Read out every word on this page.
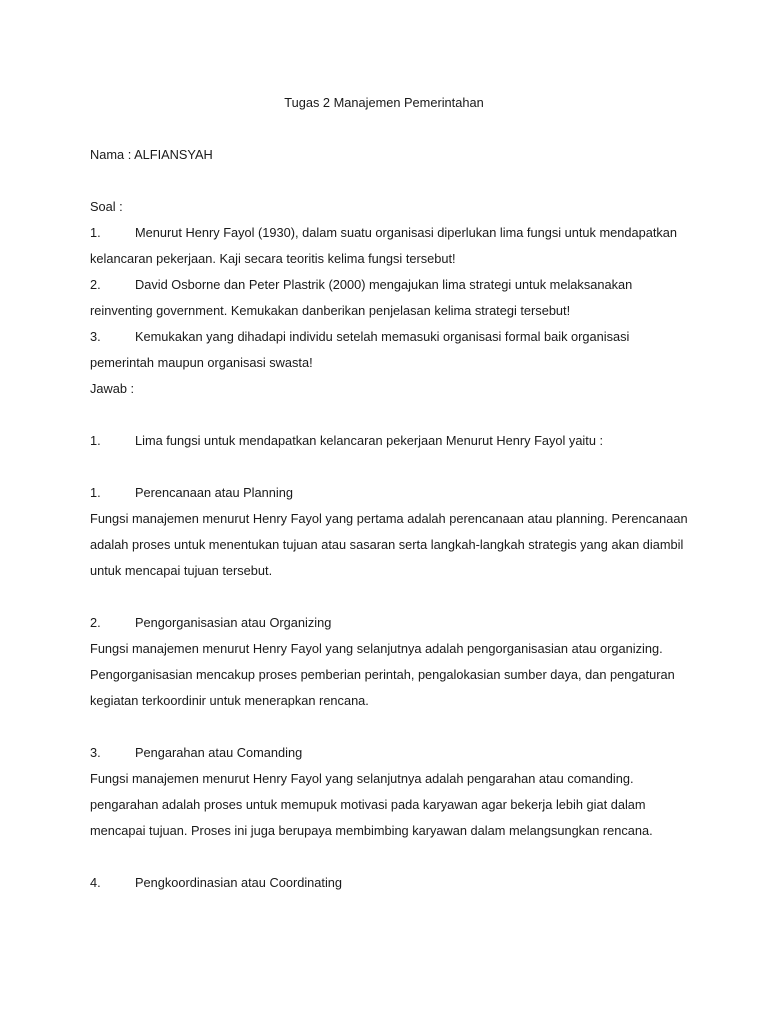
Tugas 2 Manajemen Pemerintahan
Nama : ALFIANSYAH
Soal :
1.	Menurut Henry Fayol (1930), dalam suatu organisasi diperlukan lima fungsi untuk mendapatkan
kelancaran pekerjaan. Kaji secara teoritis kelima fungsi tersebut!
2.	David Osborne dan Peter Plastrik (2000) mengajukan lima strategi untuk melaksanakan
reinventing government. Kemukakan danberikan penjelasan kelima strategi tersebut!
3.	Kemukakan yang dihadapi individu setelah memasuki organisasi formal baik organisasi
pemerintah maupun organisasi swasta!
Jawab :
1.	Lima fungsi untuk mendapatkan kelancaran pekerjaan Menurut Henry Fayol yaitu :
1.	Perencanaan atau Planning
Fungsi manajemen menurut Henry Fayol yang pertama adalah perencanaan atau planning. Perencanaan
adalah proses untuk menentukan tujuan atau sasaran serta langkah-langkah strategis yang akan diambil
untuk mencapai tujuan tersebut.
2.	Pengorganisasian atau Organizing
Fungsi manajemen menurut Henry Fayol yang selanjutnya adalah pengorganisasian atau organizing.
Pengorganisasian mencakup proses pemberian perintah, pengalokasian sumber daya, dan pengaturan
kegiatan terkoordinir untuk menerapkan rencana.
3.	Pengarahan atau Comanding
Fungsi manajemen menurut Henry Fayol yang selanjutnya adalah pengarahan atau comanding.
pengarahan adalah proses untuk memupuk motivasi pada karyawan agar bekerja lebih giat dalam
mencapai tujuan. Proses ini juga berupaya membimbing karyawan dalam melangsungkan rencana.
4.	Pengkoordinasian atau Coordinating
